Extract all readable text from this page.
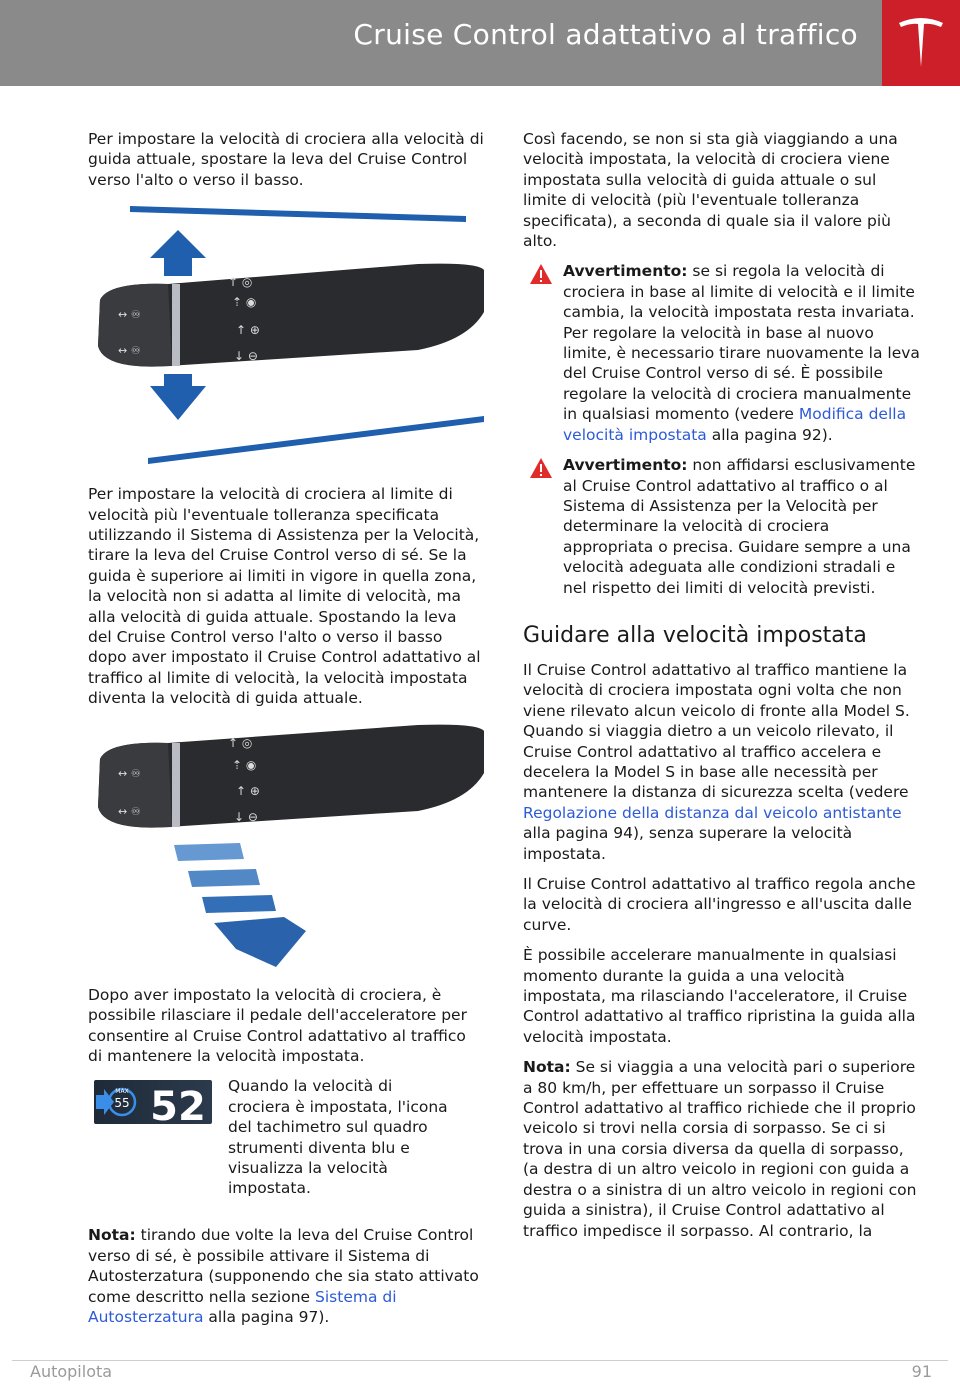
Cruise Control adattativo al traffico

Per impostare la velocità di crociera alla velocità di guida attuale, spostare la leva del Cruise Control verso l'alto o verso il basso.

↔ ♾
↔ ♾
↑ ◎
⇡ ◉
↑ ⊕
↓ ⊖

Per impostare la velocità di crociera al limite di velocità più l'eventuale tolleranza specificata utilizzando il Sistema di Assistenza per la Velocità, tirare la leva del Cruise Control verso di sé. Se la guida è superiore ai limiti in vigore in quella zona, la velocità non si adatta al limite di velocità, ma alla velocità di guida attuale. Spostando la leva del Cruise Control verso l'alto o verso il basso dopo aver impostato il Cruise Control adattativo al traffico al limite di velocità, la velocità impostata diventa la velocità di guida attuale.

↔ ♾
↔ ♾
↑ ◎
⇡ ◉
↑ ⊕
↓ ⊖

Dopo aver impostato la velocità di crociera, è possibile rilasciare il pedale dell'acceleratore per consentire al Cruise Control adattativo al traffico di mantenere la velocità impostata.

MAX
55 52 Quando la velocità di crociera è impostata, l'icona del tachimetro sul quadro strumenti diventa blu e visualizza la velocità impostata.

Nota: tirando due volte la leva del Cruise Control verso di sé, è possibile attivare il Sistema di Autosterzatura (supponendo che sia stato attivato come descritto nella sezione Sistema di Autosterzatura alla pagina 97).

Così facendo, se non si sta già viaggiando a una velocità impostata, la velocità di crociera viene impostata sulla velocità di guida attuale o sul limite di velocità (più l'eventuale tolleranza specificata), a seconda di quale sia il valore più alto.

Avvertimento: se si regola la velocità di crociera in base al limite di velocità e il limite cambia, la velocità impostata resta invariata. Per regolare la velocità in base al nuovo limite, è necessario tirare nuovamente la leva del Cruise Control verso di sé. È possibile regolare la velocità di crociera manualmente in qualsiasi momento (vedere Modifica della velocità impostata alla pagina 92).
Avvertimento: non affidarsi esclusivamente al Cruise Control adattativo al traffico o al Sistema di Assistenza per la Velocità per determinare la velocità di crociera appropriata o precisa. Guidare sempre a una velocità adeguata alle condizioni stradali e nel rispetto dei limiti di velocità previsti.
Guidare alla velocità impostata

Il Cruise Control adattativo al traffico mantiene la velocità di crociera impostata ogni volta che non viene rilevato alcun veicolo di fronte alla Model S. Quando si viaggia dietro a un veicolo rilevato, il Cruise Control adattativo al traffico accelera e decelera la Model S in base alle necessità per mantenere la distanza di sicurezza scelta (vedere Regolazione della distanza dal veicolo antistante alla pagina 94), senza superare la velocità impostata.

Il Cruise Control adattativo al traffico regola anche la velocità di crociera all'ingresso e all'uscita dalle curve.

È possibile accelerare manualmente in qualsiasi momento durante la guida a una velocità impostata, ma rilasciando l'acceleratore, il Cruise Control adattativo al traffico ripristina la guida alla velocità impostata.

Nota: Se si viaggia a una velocità pari o superiore a 80 km/h, per effettuare un sorpasso il Cruise Control adattativo al traffico richiede che il proprio veicolo si trovi nella corsia di sorpasso. Se ci si trova in una corsia diversa da quella di sorpasso, (a destra di un altro veicolo in regioni con guida a destra o a sinistra di un altro veicolo in regioni con guida a sinistra), il Cruise Control adattativo al traffico impedisce il sorpasso. Al contrario, la

Autopilota	91
